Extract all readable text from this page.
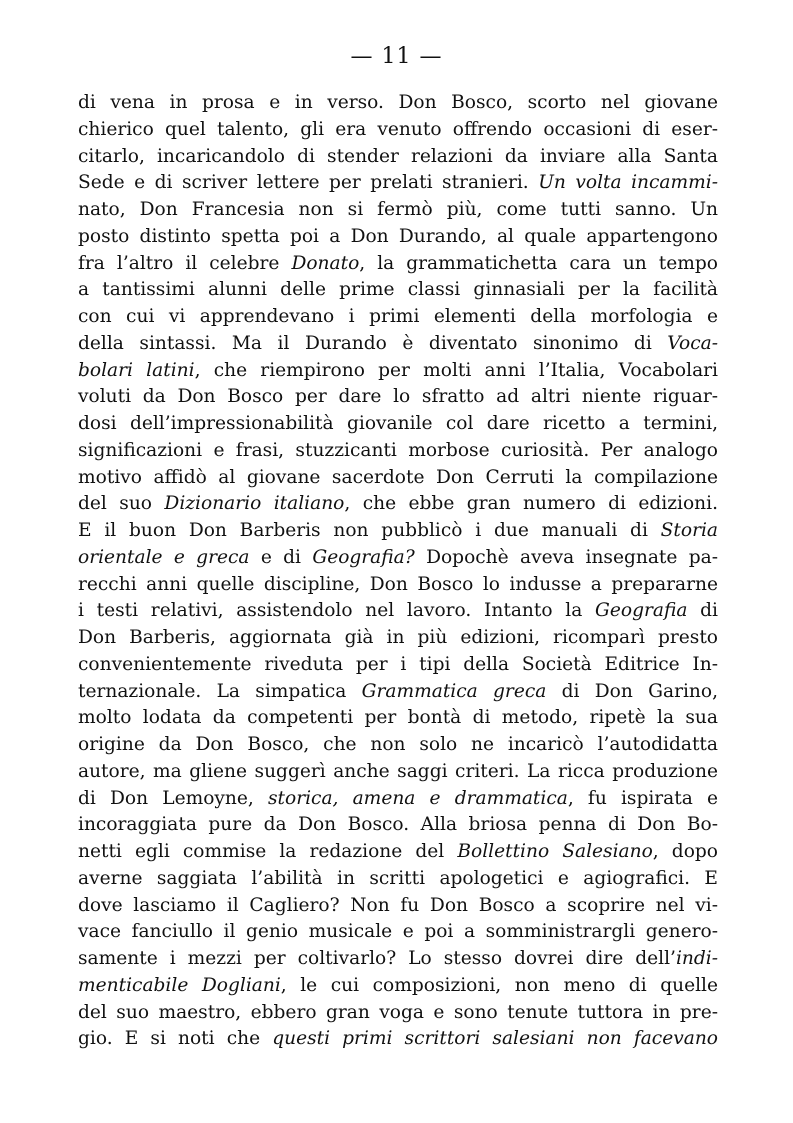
— 11 —
di vena in prosa e in verso. Don Bosco, scorto nel giovane
chierico quel talento, gli era venuto offrendo occasioni di eser-
citarlo, incaricandolo di stender relazioni da inviare alla Santa
Sede e di scriver lettere per prelati stranieri. Un volta incammi-
nato, Don Francesia non si fermò più, come tutti sanno. Un
posto distinto spetta poi a Don Durando, al quale appartengono
fra l’altro il celebre Donato, la grammatichetta cara un tempo
a tantissimi alunni delle prime classi ginnasiali per la facilità
con cui vi apprendevano i primi elementi della morfologia e
della sintassi. Ma il Durando è diventato sinonimo di Voca-
bolari latini, che riempirono per molti anni l’Italia, Vocabolari
voluti da Don Bosco per dare lo sfratto ad altri niente riguar-
dosi dell’impressionabilità giovanile col dare ricetto a termini,
significazioni e frasi, stuzzicanti morbose curiosità. Per analogo
motivo affidò al giovane sacerdote Don Cerruti la compilazione
del suo Dizionario italiano, che ebbe gran numero di edizioni.
E il buon Don Barberis non pubblicò i due manuali di Storia
orientale e greca e di Geografia? Dopochè aveva insegnate pa-
recchi anni quelle discipline, Don Bosco lo indusse a prepararne
i testi relativi, assistendolo nel lavoro. Intanto la Geografia di
Don Barberis, aggiornata già in più edizioni, ricomparì presto
convenientemente riveduta per i tipi della Società Editrice In-
ternazionale. La simpatica Grammatica greca di Don Garino,
molto lodata da competenti per bontà di metodo, ripetè la sua
origine da Don Bosco, che non solo ne incaricò l’autodidatta
autore, ma gliene suggerì anche saggi criteri. La ricca produzione
di Don Lemoyne, storica, amena e drammatica, fu ispirata e
incoraggiata pure da Don Bosco. Alla briosa penna di Don Bo-
netti egli commise la redazione del Bollettino Salesiano, dopo
averne saggiata l’abilità in scritti apologetici e agiografici. E
dove lasciamo il Cagliero? Non fu Don Bosco a scoprire nel vi-
vace fanciullo il genio musicale e poi a somministrargli genero-
samente i mezzi per coltivarlo? Lo stesso dovrei dire dell’indi-
menticabile Dogliani, le cui composizioni, non meno di quelle
del suo maestro, ebbero gran voga e sono tenute tuttora in pre-
gio. E si noti che questi primi scrittori salesiani non facevano
